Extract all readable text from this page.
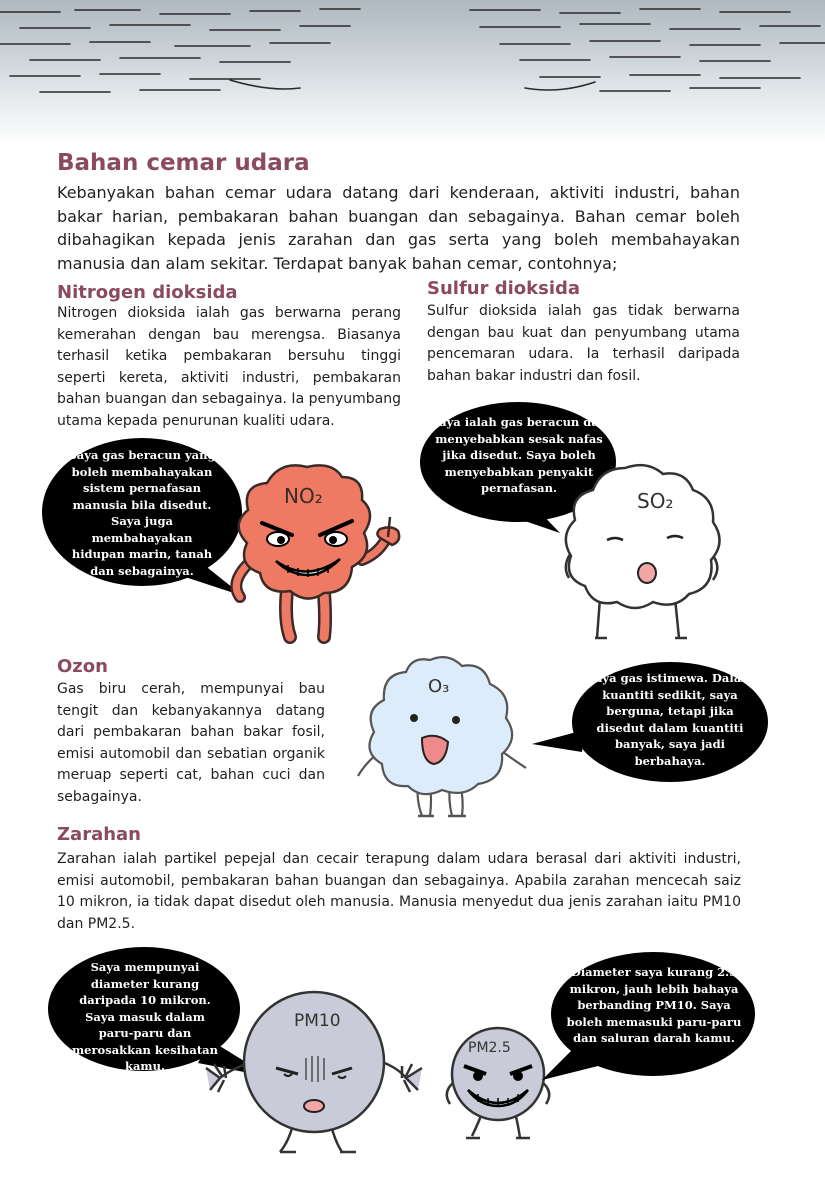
Bahan cemar udara
Kebanyakan bahan cemar udara datang dari kenderaan, aktiviti industri, bahan bakar harian, pembakaran bahan buangan dan sebagainya. Bahan cemar boleh dibahagikan kepada jenis zarahan dan gas serta yang boleh membahayakan manusia dan alam sekitar. Terdapat banyak bahan cemar, contohnya;
Nitrogen dioksida
Nitrogen dioksida ialah gas berwarna perang kemerahan dengan bau merengsa. Biasanya terhasil ketika pembakaran bersuhu tinggi seperti kereta, aktiviti industri, pembakaran bahan buangan dan sebagainya. Ia penyumbang utama kepada penurunan kualiti udara.
Sulfur dioksida
Sulfur dioksida ialah gas tidak berwarna dengan bau kuat dan penyumbang utama pencemaran udara. Ia terhasil daripada bahan bakar industri dan fosil.
Saya gas beracun yang boleh membahayakan sistem pernafasan manusia bila disedut. Saya juga membahayakan hidupan marin, tanah dan sebagainya.
NO₂
Saya ialah gas beracun dan menyebabkan sesak nafas jika disedut. Saya boleh menyebabkan penyakit pernafasan.
SO₂
Ozon
Gas biru cerah, mempunyai bau tengit dan kebanyakannya datang dari pembakaran bahan bakar fosil, emisi automobil dan sebatian organik meruap seperti cat, bahan cuci dan sebagainya.
O₃	Saya gas istimewa. Dalam kuantiti sedikit, saya berguna, tetapi jika disedut dalam kuantiti banyak, saya jadi berbahaya.
Zarahan
Zarahan ialah partikel pepejal dan cecair terapung dalam udara berasal dari aktiviti industri, emisi automobil, pembakaran bahan buangan dan sebagainya. Apabila zarahan mencecah saiz 10 mikron, ia tidak dapat disedut oleh manusia. Manusia menyedut dua jenis zarahan iaitu PM10 dan PM2.5.
Saya mempunyai diameter kurang daripada 10 mikron. Saya masuk dalam paru-paru dan merosakkan kesihatan kamu.
PM10
PM2.5
Diameter saya kurang 2.5 mikron, jauh lebih bahaya berbanding PM10. Saya boleh memasuki paru-paru dan saluran darah kamu.
